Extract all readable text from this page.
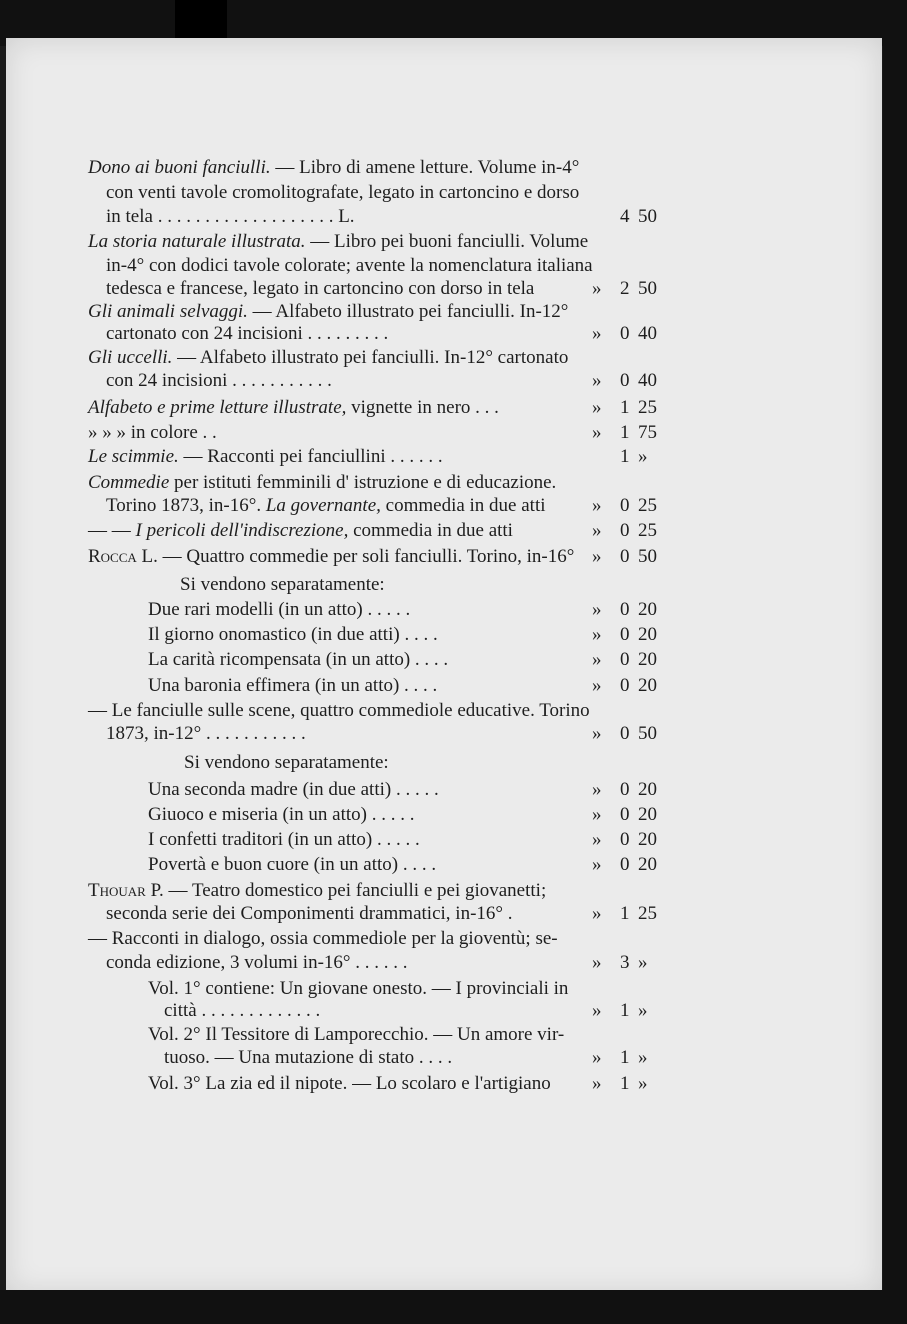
Dono ai buoni fanciulli. — Libro di amene letture. Volume in-4°
con venti tavole cromolitografate, legato in cartoncino e dorso
in tela . . . . . . . . . . . . . . . . . . . L.	4 50
La storia naturale illustrata. — Libro pei buoni fanciulli. Volume
in-4° con dodici tavole colorate; avente la nomenclatura italiana
tedesca e francese, legato in cartoncino con dorso in tela	» 2 50
Gli animali selvaggi. — Alfabeto illustrato pei fanciulli. In-12°
cartonato con 24 incisioni . . . . . . . . .	» 0 40
Gli uccelli. — Alfabeto illustrato pei fanciulli. In-12° cartonato
con 24 incisioni . . . . . . . . . . .	» 0 40
Alfabeto e prime letture illustrate, vignette in nero . . .	» 1 25
» » » in colore . .	» 1 75
Le scimmie. — Racconti pei fanciullini . . . . . .	1 »
Commedie per istituti femminili d' istruzione e di educazione.
Torino 1873, in-16°. La governante, commedia in due atti » 0 25
— — I pericoli dell'indiscrezione, commedia in due atti	» 0 25
Rocca L. — Quattro commedie per soli fanciulli. Torino, in-16° » 0 50
Si vendono separatamente:
Due rari modelli (in un atto) . . . . .	» 0 20
Il giorno onomastico (in due atti) . . . .	» 0 20
La carità ricompensata (in un atto) . . . .	» 0 20
Una baronia effimera (in un atto) . . . .	» 0 20
— Le fanciulle sulle scene, quattro commediole educative. Torino
1873, in-12° . . . . . . . . . . .	» 0 50
Si vendono separatamente:
Una seconda madre (in due atti) . . . . .	» 0 20
Giuoco e miseria (in un atto) . . . . .	» 0 20
I confetti traditori (in un atto) . . . . .	» 0 20
Povertà e buon cuore (in un atto) . . . .	» 0 20
Thouar P. — Teatro domestico pei fanciulli e pei giovanetti;
seconda serie dei Componimenti drammatici, in-16° .	» 1 25
— Racconti in dialogo, ossia commediole per la gioventù; se-
conda edizione, 3 volumi in-16° . . . . . .	» 3 »
Vol. 1° contiene: Un giovane onesto. — I provinciali in
città . . . . . . . . . . . . .	» 1 »
Vol. 2° Il Tessitore di Lamporecchio. — Un amore vir-
tuoso. — Una mutazione di stato . . . .	» 1 »
Vol. 3° La zia ed il nipote. — Lo scolaro e l'artigiano » 1 »
